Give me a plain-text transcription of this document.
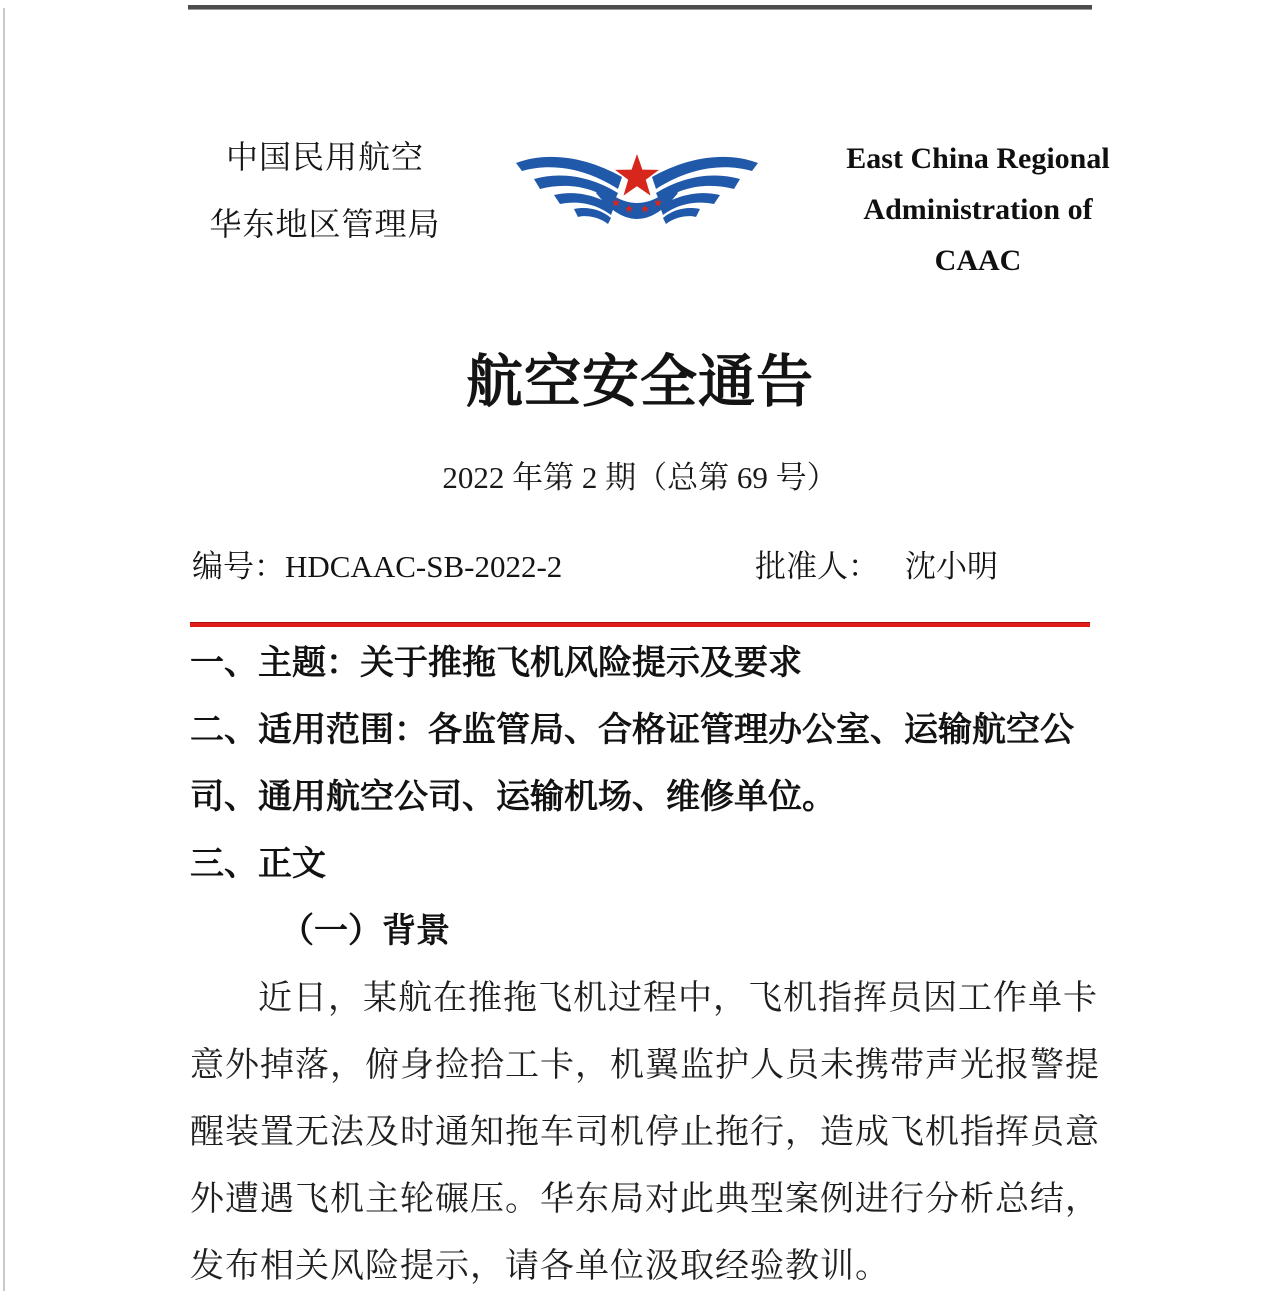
中国民用航空
华东地区管理局
East China Regional
Administration of
CAAC
航空安全通告
2022 年第 2 期（总第 69 号）
编号：HDCAAC-SB-2022-2	批准人： 沈小明
一、主题：关于推拖飞机风险提示及要求
二、适用范围：各监管局、合格证管理办公室、运输航空公
司、通用航空公司、运输机场、维修单位。
三、正文
（一）背景
近日，某航在推拖飞机过程中，飞机指挥员因工作单卡
意外掉落，俯身捡拾工卡，机翼监护人员未携带声光报警提
醒装置无法及时通知拖车司机停止拖行，造成飞机指挥员意
外遭遇飞机主轮碾压。华东局对此典型案例进行分析总结，
发布相关风险提示，请各单位汲取经验教训。
